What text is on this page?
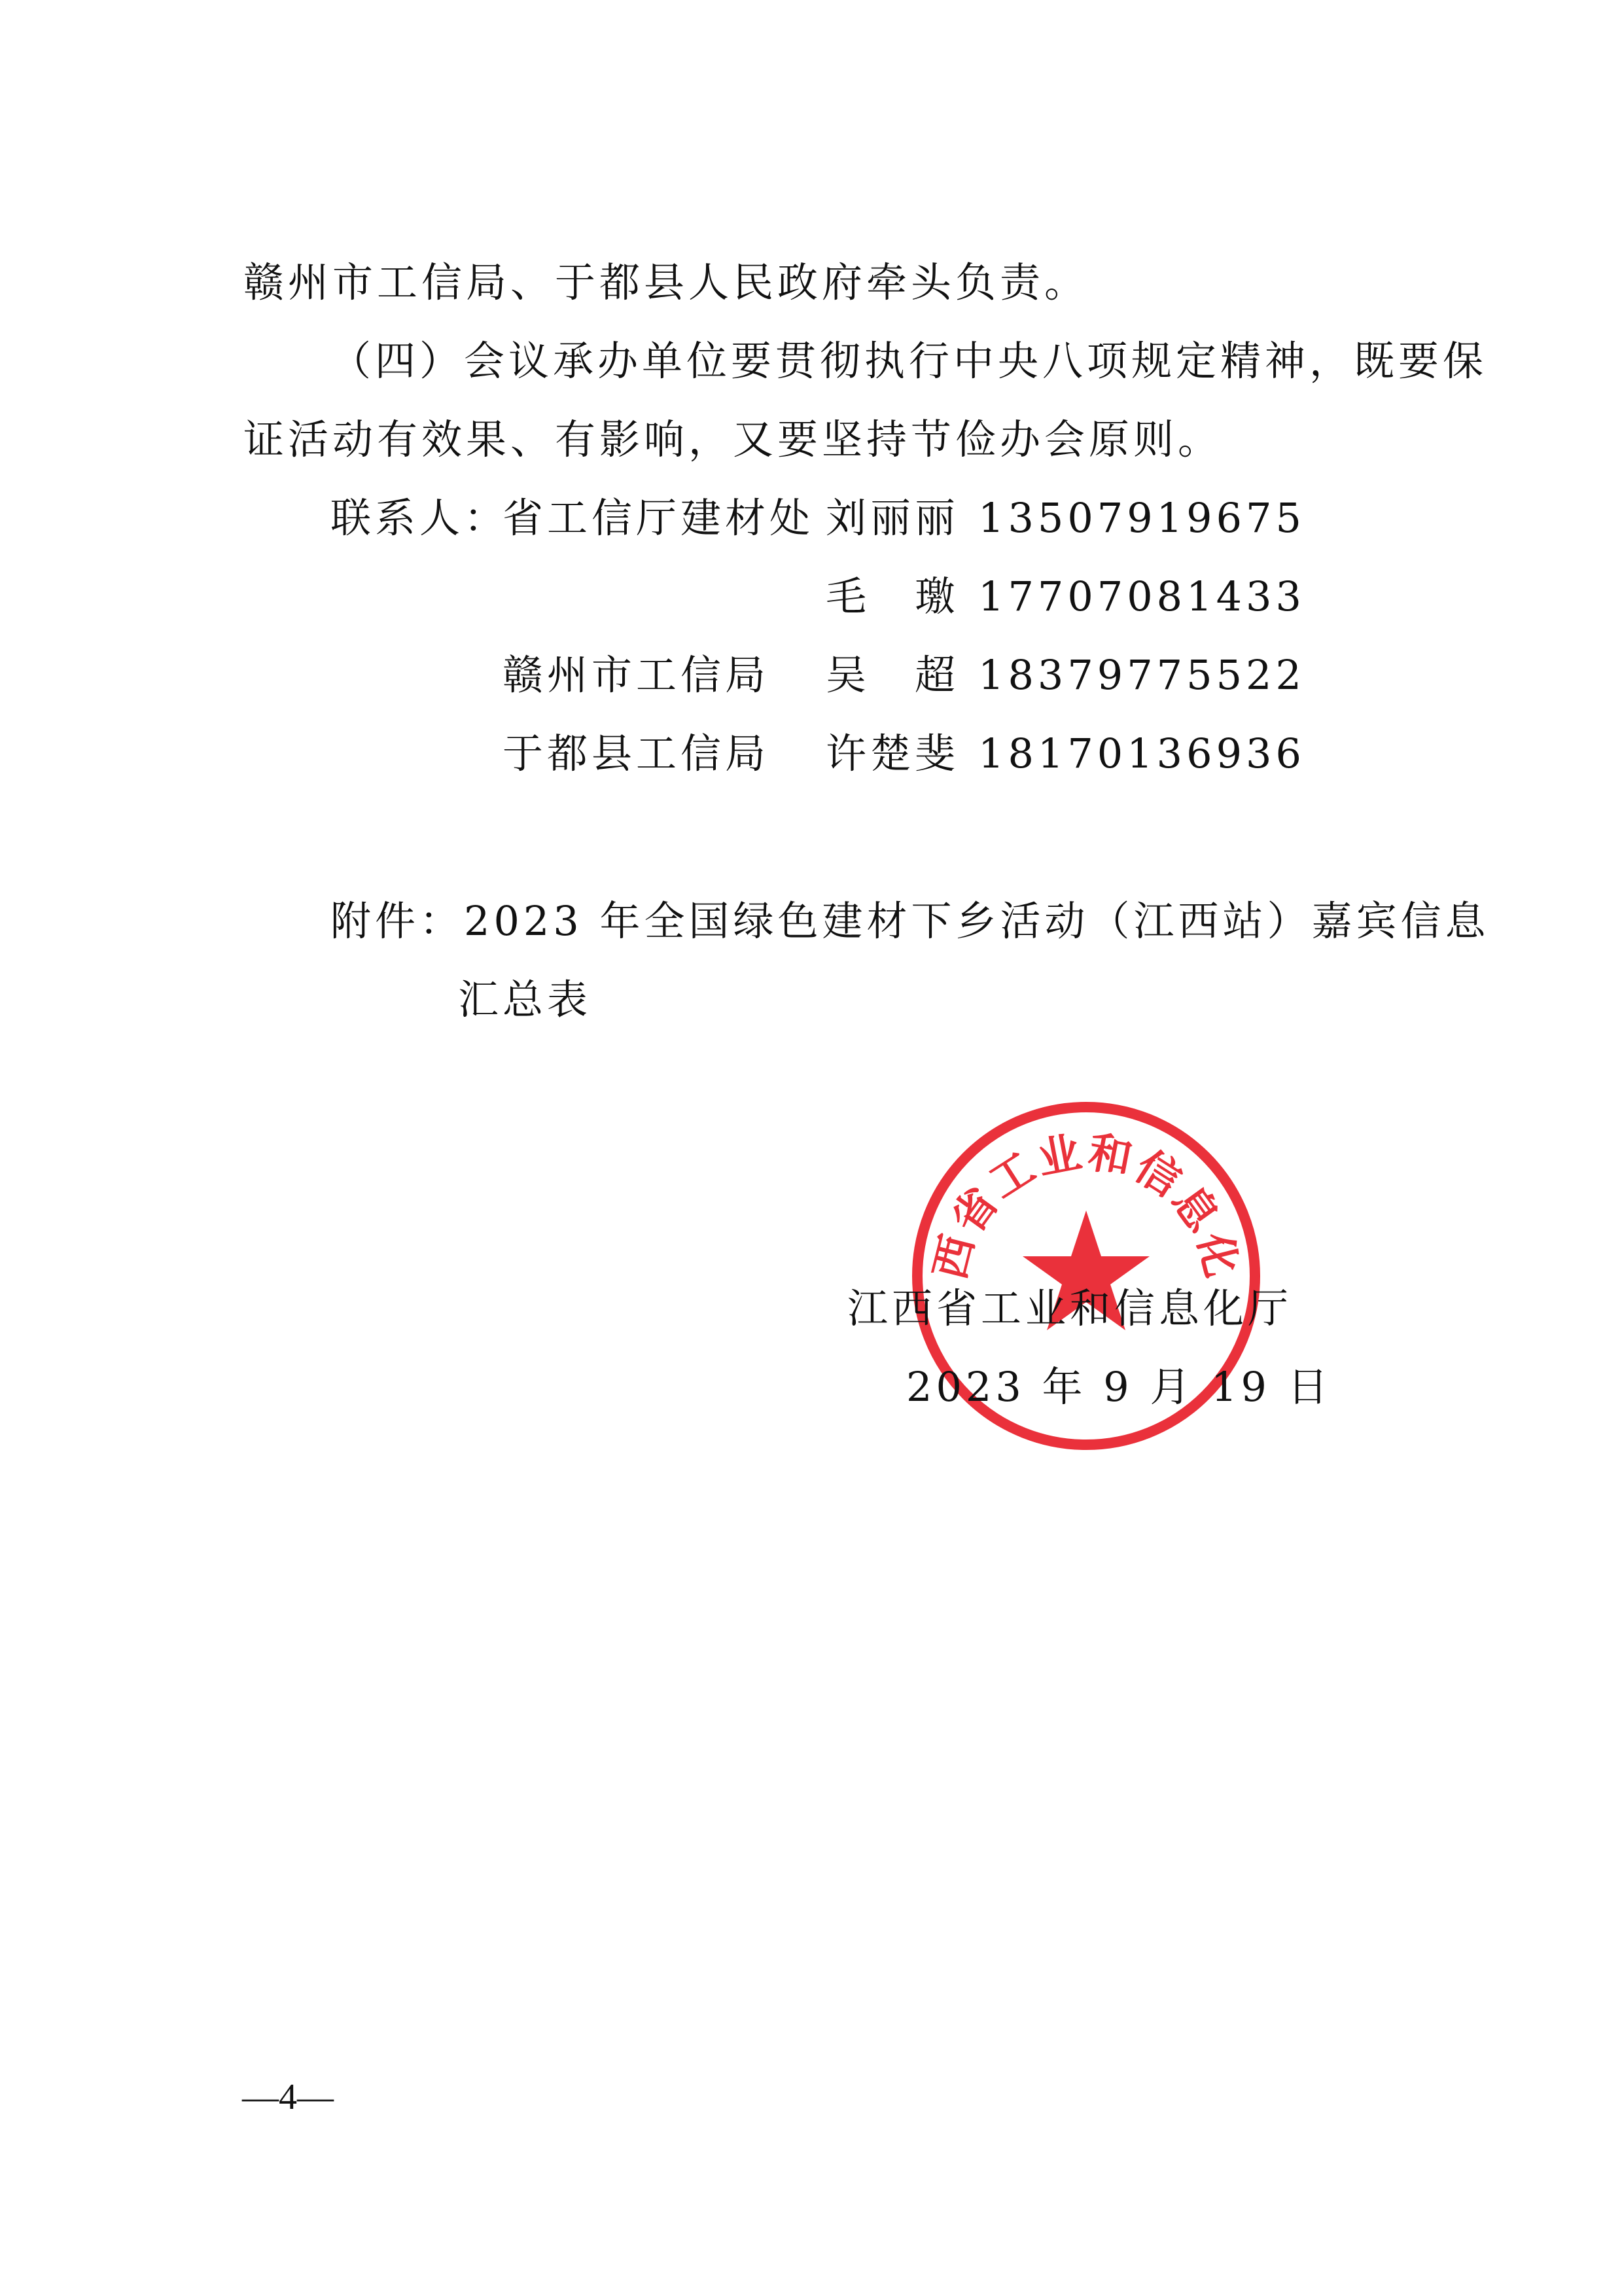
赣州市工信局、于都县人民政府牵头负责。
（四）会议承办单位要贯彻执行中央八项规定精神，既要保
证活动有效果、有影响，又要坚持节俭办会原则。
联系人：
省工信厅建材处 刘丽丽 13507919675
毛　璬 17707081433
赣州市工信局 吴　超 18379775522
于都县工信局 许楚斐 18170136936
附件：2023 年全国绿色建材下乡活动（江西站）嘉宾信息
汇总表
西省工业和信息化
江西省工业和信息化厅
2023 年 9 月 19 日
—4—
